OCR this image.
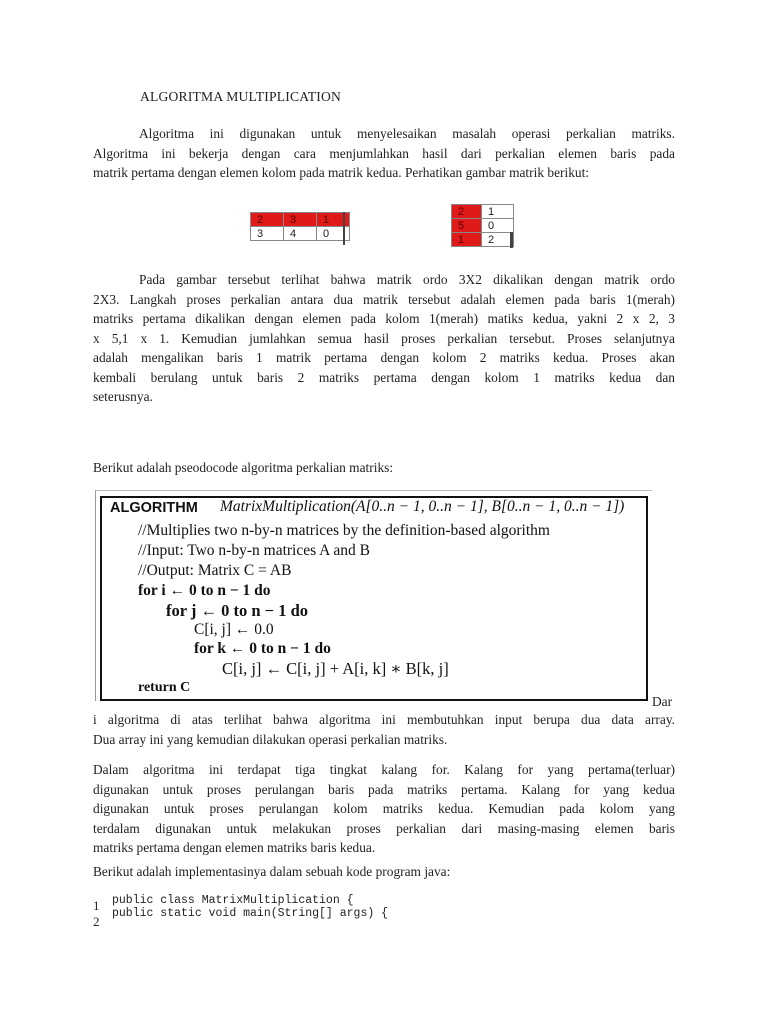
ALGORITMA MULTIPLICATION
Algoritma ini digunakan untuk menyelesaikan masalah operasi perkalian matriks.
Algoritma ini bekerja dengan cara menjumlahkan hasil dari perkalian elemen baris pada
matrik pertama dengan elemen kolom pada matrik kedua. Perhatikan gambar matrik berikut:
2	3	1
3	4	0
2	1
5	0
1	2
Pada gambar tersebut terlihat bahwa matrik ordo 3X2 dikalikan dengan matrik ordo
2X3. Langkah proses perkalian antara dua matrik tersebut adalah elemen pada baris 1(merah)
matriks pertama dikalikan dengan elemen pada kolom 1(merah) matiks kedua, yakni 2 x 2, 3
x 5,1 x 1. Kemudian jumlahkan semua hasil proses perkalian tersebut. Proses selanjutnya
adalah mengalikan baris 1 matrik pertama dengan kolom 2 matriks kedua. Proses akan
kembali berulang untuk baris 2 matriks pertama dengan kolom 1 matriks kedua dan
seterusnya.
Berikut adalah pseodocode algoritma perkalian matriks:
ALGORITHM MatrixMultiplication(A[0..n − 1, 0..n − 1], B[0..n − 1, 0..n − 1])
//Multiplies two n-by-n matrices by the definition-based algorithm
//Input: Two n-by-n matrices A and B
//Output: Matrix C = AB
for i ← 0 to n − 1 do
for j ← 0 to n − 1 do
C[i, j] ← 0.0
for k ← 0 to n − 1 do
C[i, j] ← C[i, j] + A[i, k] ∗ B[k, j]
return C
Dar
i algoritma di atas terlihat bahwa algoritma ini membutuhkan input berupa dua data array.
Dua array ini yang kemudian dilakukan operasi perkalian matriks.
Dalam algoritma ini terdapat tiga tingkat kalang for. Kalang for yang pertama(terluar)
digunakan untuk proses perulangan baris pada matriks pertama. Kalang for yang kedua
digunakan untuk proses perulangan kolom matriks kedua. Kemudian pada kolom yang
terdalam digunakan untuk melakukan proses perkalian dari masing-masing elemen baris
matriks pertama dengan elemen matriks baris kedua.
Berikut adalah implementasinya dalam sebuah kode program java:
1
2
public class MatrixMultiplication {
public static void main(String[] args) {
